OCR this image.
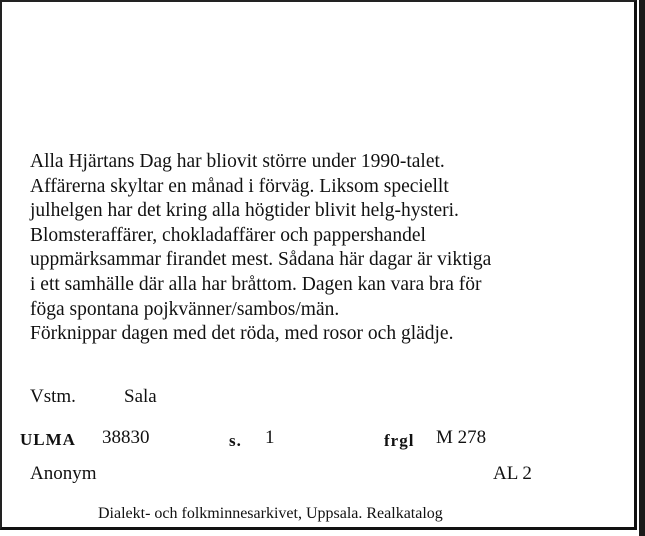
Alla Hjärtans Dag har bliovit större under 1990-talet.
Affärerna skyltar en månad i förväg. Liksom speciellt
julhelgen har det kring alla högtider blivit helg-hysteri.
Blomsteraffärer, chokladaffärer och pappershandel
uppmärksammar firandet mest. Sådana här dagar är viktiga
i ett samhälle där alla har bråttom. Dagen kan vara bra för
föga spontana pojkvänner/sambos/män.
Förknippar dagen med det röda, med rosor och glädje.
Vstm.	Sala
ULMA 38830	s. 1	frgl M 278
Anonym	AL 2
Dialekt- och folkminnesarkivet, Uppsala. Realkatalog
